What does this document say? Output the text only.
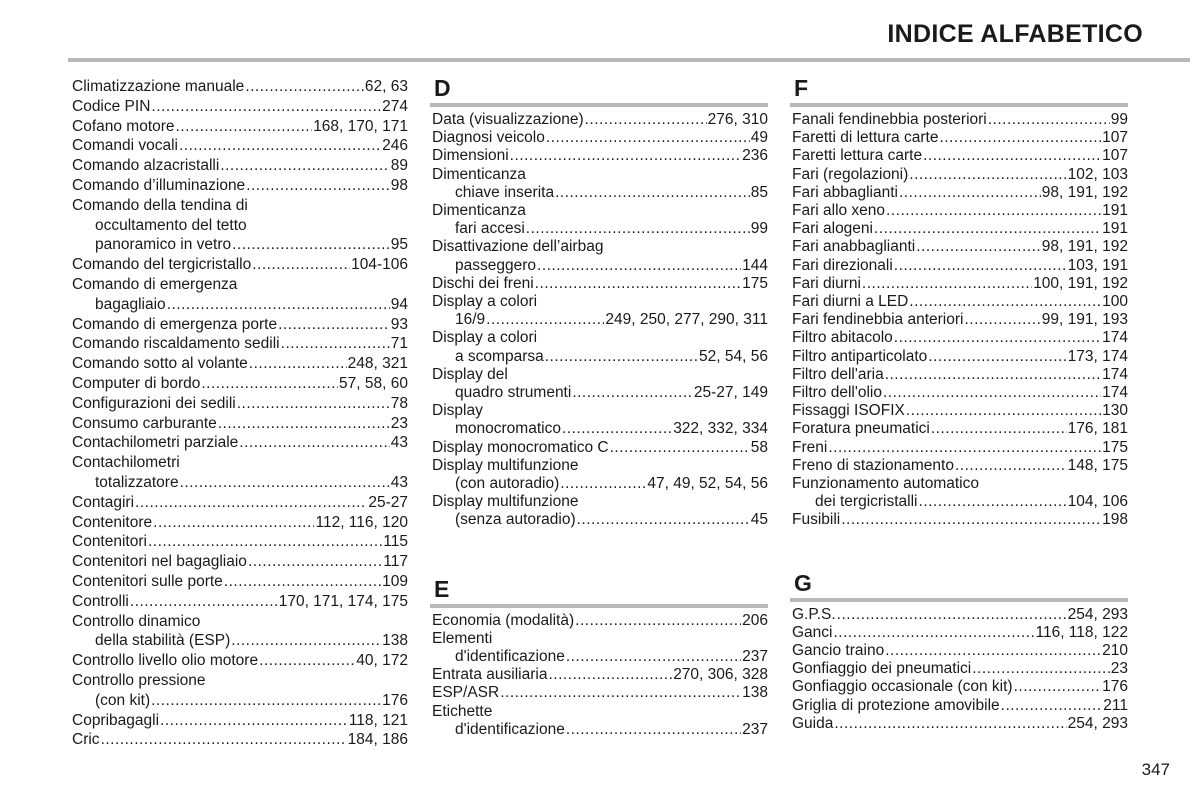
INDICE ALFABETICO
Climatizzazione manuale .....	62, 63
Codice PIN .....	274
Cofano motore .....	168, 170, 171
Comandi vocali .....	246
Comando alzacristalli .....	89
Comando d’illuminazione .....	98
Comando della tendina di
occultamento del tetto
panoramico in vetro .....	95
Comando del tergicristallo .....	104-106
Comando di emergenza
bagagliaio .....	94
Comando di emergenza porte .....	93
Comando riscaldamento sedili .....	71
Comando sotto al volante .....	248, 321
Computer di bordo .....	57, 58, 60
Configurazioni dei sedili .....	78
Consumo carburante .....	23
Contachilometri parziale .....	43
Contachilometri
totalizzatore .....	43
Contagiri .....	25-27
Contenitore .....	112, 116, 120
Contenitori .....	115
Contenitori nel bagagliaio .....	117
Contenitori sulle porte .....	109
Controlli .....	170, 171, 174, 175
Controllo dinamico
della stabilità (ESP) .....	138
Controllo livello olio motore .....	40, 172
Controllo pressione
(con kit) .....	176
Copribagagli .....	118, 121
Cric .....	184, 186
D
Data (visualizzazione) .....	276, 310
Diagnosi veicolo .....	49
Dimensioni .....	236
Dimenticanza
chiave inserita .....	85
Dimenticanza
fari accesi .....	99
Disattivazione dell’airbag
passeggero .....	144
Dischi dei freni .....	175
Display a colori
16/9 .....	249, 250, 277, 290, 311
Display a colori
a scomparsa .....	52, 54, 56
Display del
quadro strumenti .....	25-27, 149
Display
monocromatico .....	322, 332, 334
Display monocromatico C .....	58
Display multifunzione
(con autoradio) .....	47, 49, 52, 54, 56
Display multifunzione
(senza autoradio) .....	45
E
Economia (modalità) .....	206
Elementi
d'identificazione .....	237
Entrata ausiliaria .....	270, 306, 328
ESP/ASR .....	138
Etichette
d'identificazione .....	237
F
Fanali fendinebbia posteriori .....	99
Faretti di lettura carte .....	107
Faretti lettura carte .....	107
Fari (regolazioni) .....	102, 103
Fari abbaglianti .....	98, 191, 192
Fari allo xeno .....	191
Fari alogeni .....	191
Fari anabbaglianti .....	98, 191, 192
Fari direzionali .....	103, 191
Fari diurni .....	100, 191, 192
Fari diurni a LED .....	100
Fari fendinebbia anteriori .....	99, 191, 193
Filtro abitacolo .....	174
Filtro antiparticolato .....	173, 174
Filtro dell'aria .....	174
Filtro dell'olio .....	174
Fissaggi ISOFIX .....	130
Foratura pneumatici .....	176, 181
Freni .....	175
Freno di stazionamento .....	148, 175
Funzionamento automatico
dei tergicristalli .....	104, 106
Fusibili .....	198
G
G.P.S. .....	254, 293
Ganci .....	116, 118, 122
Gancio traino .....	210
Gonfiaggio dei pneumatici .....	23
Gonfiaggio occasionale (con kit) .....	176
Griglia di protezione amovibile .....	211
Guida .....	254, 293
347
